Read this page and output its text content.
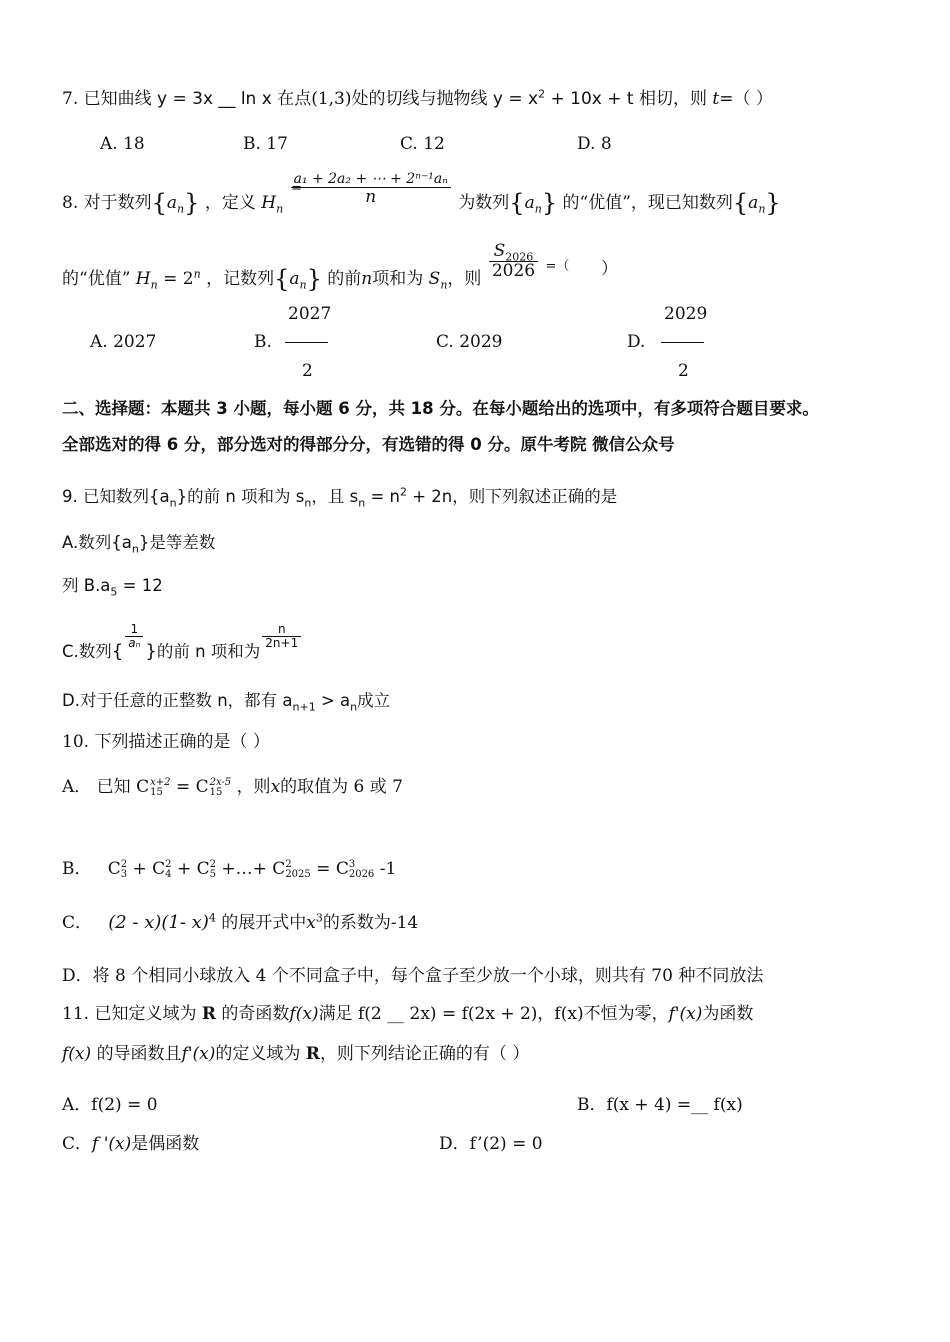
7. 已知曲线 y = 3x __ ln x 在点(1,3)处的切线与抛物线 $y = x^2 + 10x + t$ 相切，则 t=（ ）
A. 18	B. 17	C. 12	D. 8
8. 对于数列$\{a_n\}$ ，定义 $H_n$
$\frac{\text{a₁ + 2a₂ + ⋯ + 2ⁿ⁻¹aₙ}}{n}$ 为数列$\{a_n\}$ 的“优值”，现已知数列$\{a_n\}$
=
的“优值” $H_n = 2^n$ ，记数列$\{a_n\}$ 的前n项和为 $S_n$，则 $\frac{S_{2026}}{2026} ^{=(}$ ）
A. 2027	B.
2027
2
C. 2029	D.
2029
2
二、选择题：本题共 3 小题，每小题 6 分，共 18 分。在每小题给出的选项中，有多项符合题目要求。
全部选对的得 6 分，部分选对的得部分分，有选错的得 0 分。原牛考院 微信公众号
9. 已知数列$\{a_n\}$的前 n 项和为 $s_n$，且 $s_n = n^2 + 2n$，则下列叙述正确的是
A.数列$\{a_n\}$是等差数
列 $B.a_5 = 12$
C.数列{
$\frac{1}{\text{aₙ}}$
}的前 n 项和为
$\frac{n}{2n+1}$
D.对于任意的正整数 n，都有 $a_{n+1} > a_n$成立
10. 下列描述正确的是（ ）
A． 已知 C x+2
15 = C 2x-5
15 ，则x的取值为 6 或 7
B．   C 2
3 + C 2
4 + C 2
5 +…+ C 2
2025 = C 3
2026 -1
C． (2 - x)(1- x)$^4$ 的展开式中$x^3$的系数为-14
D．将 8 个相同小球放入 4 个不同盒子中，每个盒子至少放一个小球，则共有 70 种不同放法
11. 已知定义域为 R 的奇函数f(x)满足 f(2 __ 2x) = f(2x + 2)，f(x)不恒为零，f'(x)为函数
f(x) 的导函数且f'(x)的定义域为 R，则下列结论正确的有（ ）
A．f(2) = 0	B．f(x + 4) =__ f(x)
C．f '(x)是偶函数	D．f’(2) = 0
